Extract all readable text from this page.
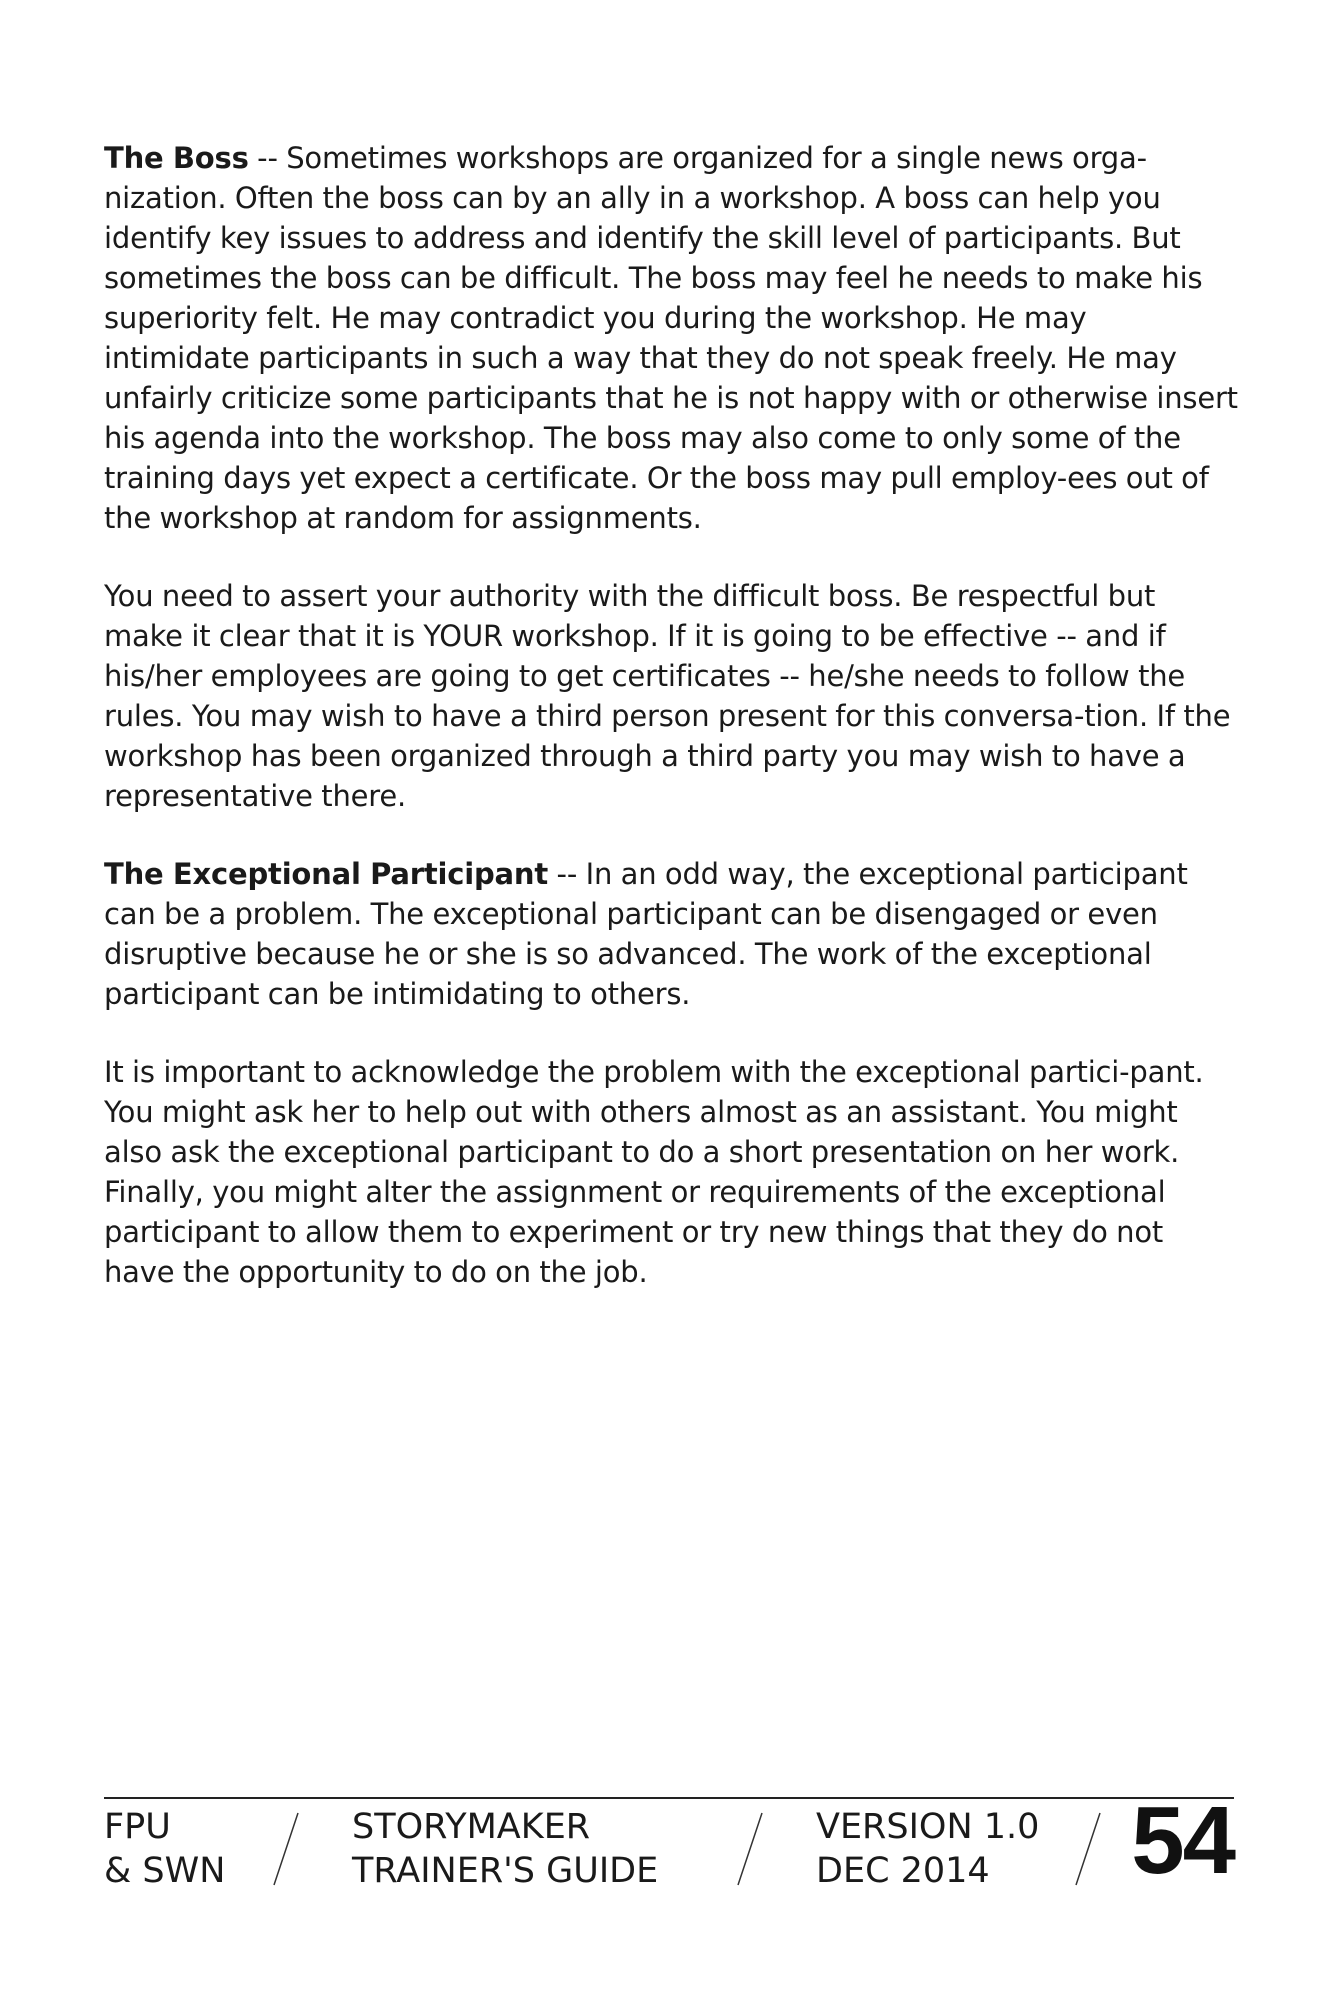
The Boss -- Sometimes workshops are organized for a single news orga-nization. Often the boss can by an ally in a workshop. A boss can help you identify key issues to address and identify the skill level of participants. But sometimes the boss can be difficult. The boss may feel he needs to make his superiority felt. He may contradict you during the workshop. He may intimidate participants in such a way that they do not speak freely. He may unfairly criticize some participants that he is not happy with or otherwise insert his agenda into the workshop. The boss may also come to only some of the training days yet expect a certificate. Or the boss may pull employ-ees out of the workshop at random for assignments.

You need to assert your authority with the difficult boss. Be respectful but make it clear that it is YOUR workshop. If it is going to be effective -- and if his/her employees are going to get certificates -- he/she needs to follow the rules. You may wish to have a third person present for this conversa-tion. If the workshop has been organized through a third party you may wish to have a representative there.

The Exceptional Participant -- In an odd way, the exceptional participant can be a problem. The exceptional participant can be disengaged or even disruptive because he or she is so advanced. The work of the exceptional participant can be intimidating to others.

It is important to acknowledge the problem with the exceptional partici-pant. You might ask her to help out with others almost as an assistant. You might also ask the exceptional participant to do a short presentation on her work. Finally, you might alter the assignment or requirements of the exceptional participant to allow them to experiment or try new things that they do not have the opportunity to do on the job.

FPU
& SWN
STORYMAKER
TRAINER'S GUIDE
VERSION 1.0
DEC 2014	54
